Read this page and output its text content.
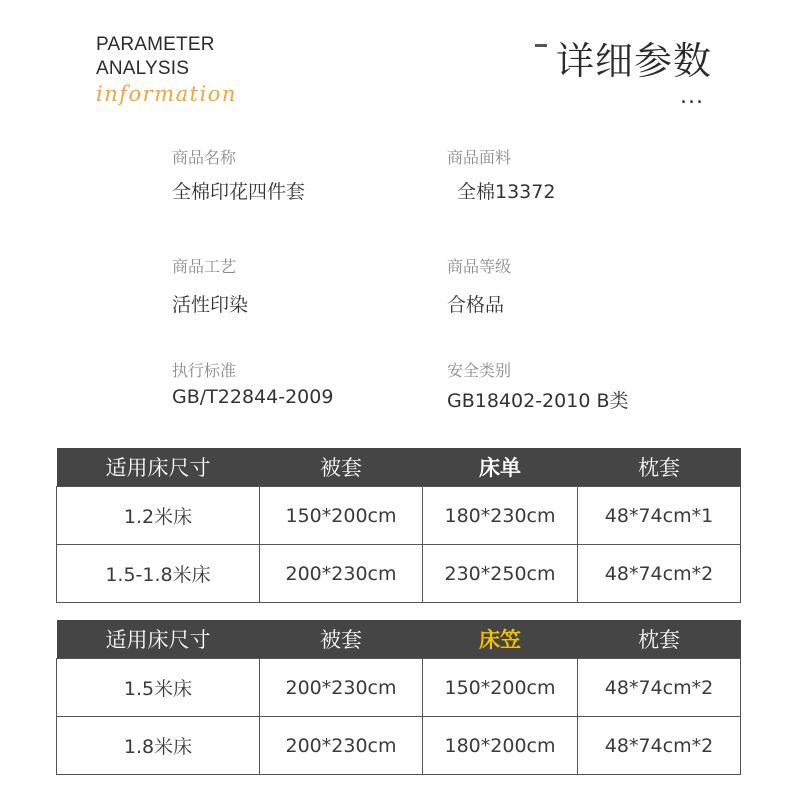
PARAMETER
ANALYSIS
information
详细参数
...
商品名称
全棉印花四件套
商品面料
全棉13372
商品工艺
活性印染
商品等级
合格品
执行标准
GB/T22844-2009
安全类别
GB18402-2010 B类
适用床尺寸	被套	床单	枕套
1.2米床	150*200cm	180*230cm	48*74cm*1
1.5-1.8米床	200*230cm	230*250cm	48*74cm*2
适用床尺寸	被套	床笠	枕套
1.5米床	200*230cm	150*200cm	48*74cm*2
1.8米床	200*230cm	180*200cm	48*74cm*2
